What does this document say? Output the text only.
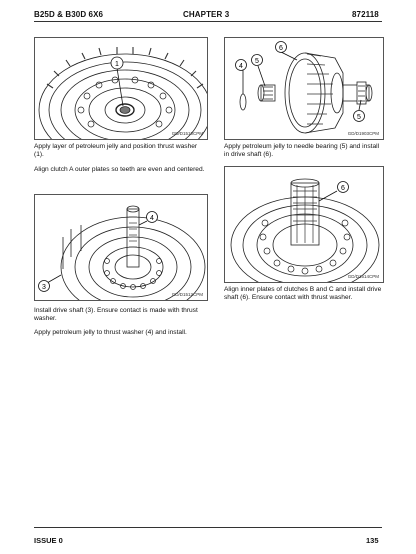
B25D & B30D 6X6	CHAPTER 3	872118
1
GD/D1510CPM

Apply layer of petroleum jelly and position thrust washer (1).

Align clutch A outer plates so teeth are even and centered.

6
4
5
5
GD/D1903CPM

Apply petroleum jelly to needle bearing (5) and install in drive shaft (6).

4
3
GD/D1512CPM

Install drive shaft (3). Ensure contact is made with thrust washer.

Apply petroleum jelly to thrust washer (4) and install.

6
GD/D1514CPM

Align inner plates of clutches B and C and install drive shaft (6). Ensure contact with thrust washer.

ISSUE 0	135
